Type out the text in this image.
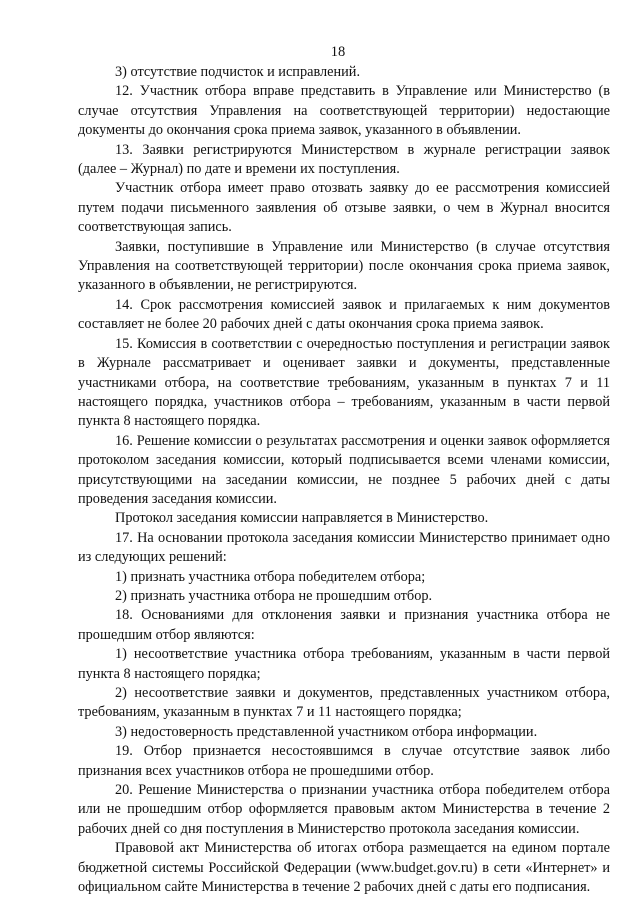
18

3) отсутствие подчисток и исправлений.

12. Участник отбора вправе представить в Управление или Министерство (в случае отсутствия Управления на соответствующей территории) недостающие документы до окончания срока приема заявок, указанного в объявлении.

13. Заявки регистрируются Министерством в журнале регистрации заявок (далее – Журнал) по дате и времени их поступления.

Участник отбора имеет право отозвать заявку до ее рассмотрения комиссией путем подачи письменного заявления об отзыве заявки, о чем в Журнал вносится соответствующая запись.

Заявки, поступившие в Управление или Министерство (в случае отсутствия Управления на соответствующей территории) после окончания срока приема заявок, указанного в объявлении, не регистрируются.

14. Срок рассмотрения комиссией заявок и прилагаемых к ним документов составляет не более 20 рабочих дней с даты окончания срока приема заявок.

15. Комиссия в соответствии с очередностью поступления и регистрации заявок в Журнале рассматривает и оценивает заявки и документы, представленные участниками отбора, на соответствие требованиям, указанным в пунктах 7 и 11 настоящего порядка, участников отбора – требованиям, указанным в части первой пункта 8 настоящего порядка.

16. Решение комиссии о результатах рассмотрения и оценки заявок оформляется протоколом заседания комиссии, который подписывается всеми членами комиссии, присутствующими на заседании комиссии, не позднее 5 рабочих дней с даты проведения заседания комиссии.

Протокол заседания комиссии направляется в Министерство.

17. На основании протокола заседания комиссии Министерство принимает одно из следующих решений:

1) признать участника отбора победителем отбора;

2) признать участника отбора не прошедшим отбор.

18. Основаниями для отклонения заявки и признания участника отбора не прошедшим отбор являются:

1) несоответствие участника отбора требованиям, указанным в части первой пункта 8 настоящего порядка;

2) несоответствие заявки и документов, представленных участником отбора, требованиям, указанным в пунктах 7 и 11 настоящего порядка;

3) недостоверность представленной участником отбора информации.

19. Отбор признается несостоявшимся в случае отсутствие заявок либо признания всех участников отбора не прошедшими отбор.

20. Решение Министерства о признании участника отбора победителем отбора или не прошедшим отбор оформляется правовым актом Министерства в течение 2 рабочих дней со дня поступления в Министерство протокола заседания комиссии.

Правовой акт Министерства об итогах отбора размещается на едином портале бюджетной системы Российской Федерации (www.budget.gov.ru) в сети «Интернет» и официальном сайте Министерства в течение 2 рабочих дней с даты его подписания.
